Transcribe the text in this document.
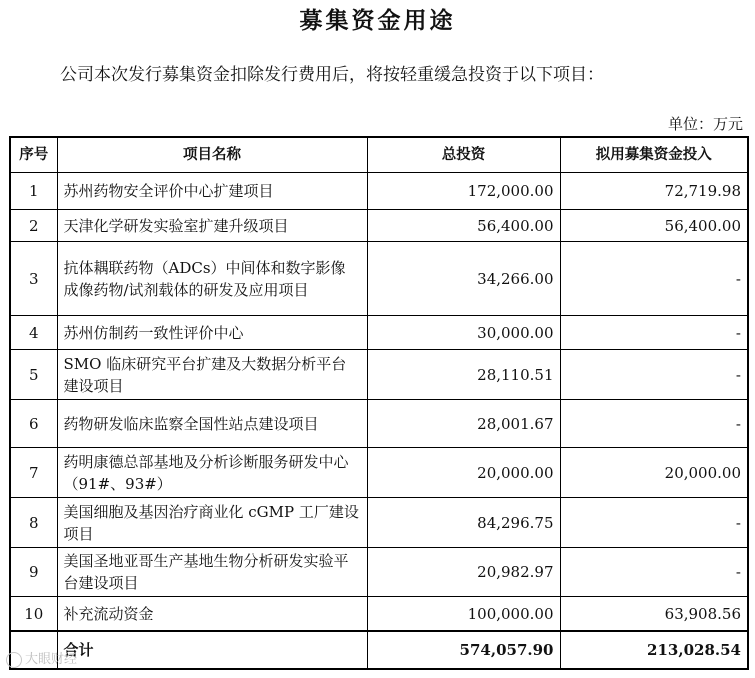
募集资金用途
公司本次发行募集资金扣除发行费用后，将按轻重缓急投资于以下项目：
单位：万元
序号	项目名称	总投资	拟用募集资金投入
1	苏州药物安全评价中心扩建项目	172,000.00	72,719.98
2	天津化学研发实验室扩建升级项目	56,400.00	56,400.00
3	抗体耦联药物（ADCs）中间体和数字影像成像药物/试剂载体的研发及应用项目	34,266.00	-
4	苏州仿制药一致性评价中心	30,000.00	-
5	SMO 临床研究平台扩建及大数据分析平台建设项目	28,110.51	-
6	药物研发临床监察全国性站点建设项目	28,001.67	-
7	药明康德总部基地及分析诊断服务研发中心（91#、93#）	20,000.00	20,000.00
8	美国细胞及基因治疗商业化 cGMP 工厂建设项目	84,296.75	-
9	美国圣地亚哥生产基地生物分析研发实验平台建设项目	20,982.97	-
10	补充流动资金	100,000.00	63,908.56
	合计	574,057.90	213,028.54
大眼财经
